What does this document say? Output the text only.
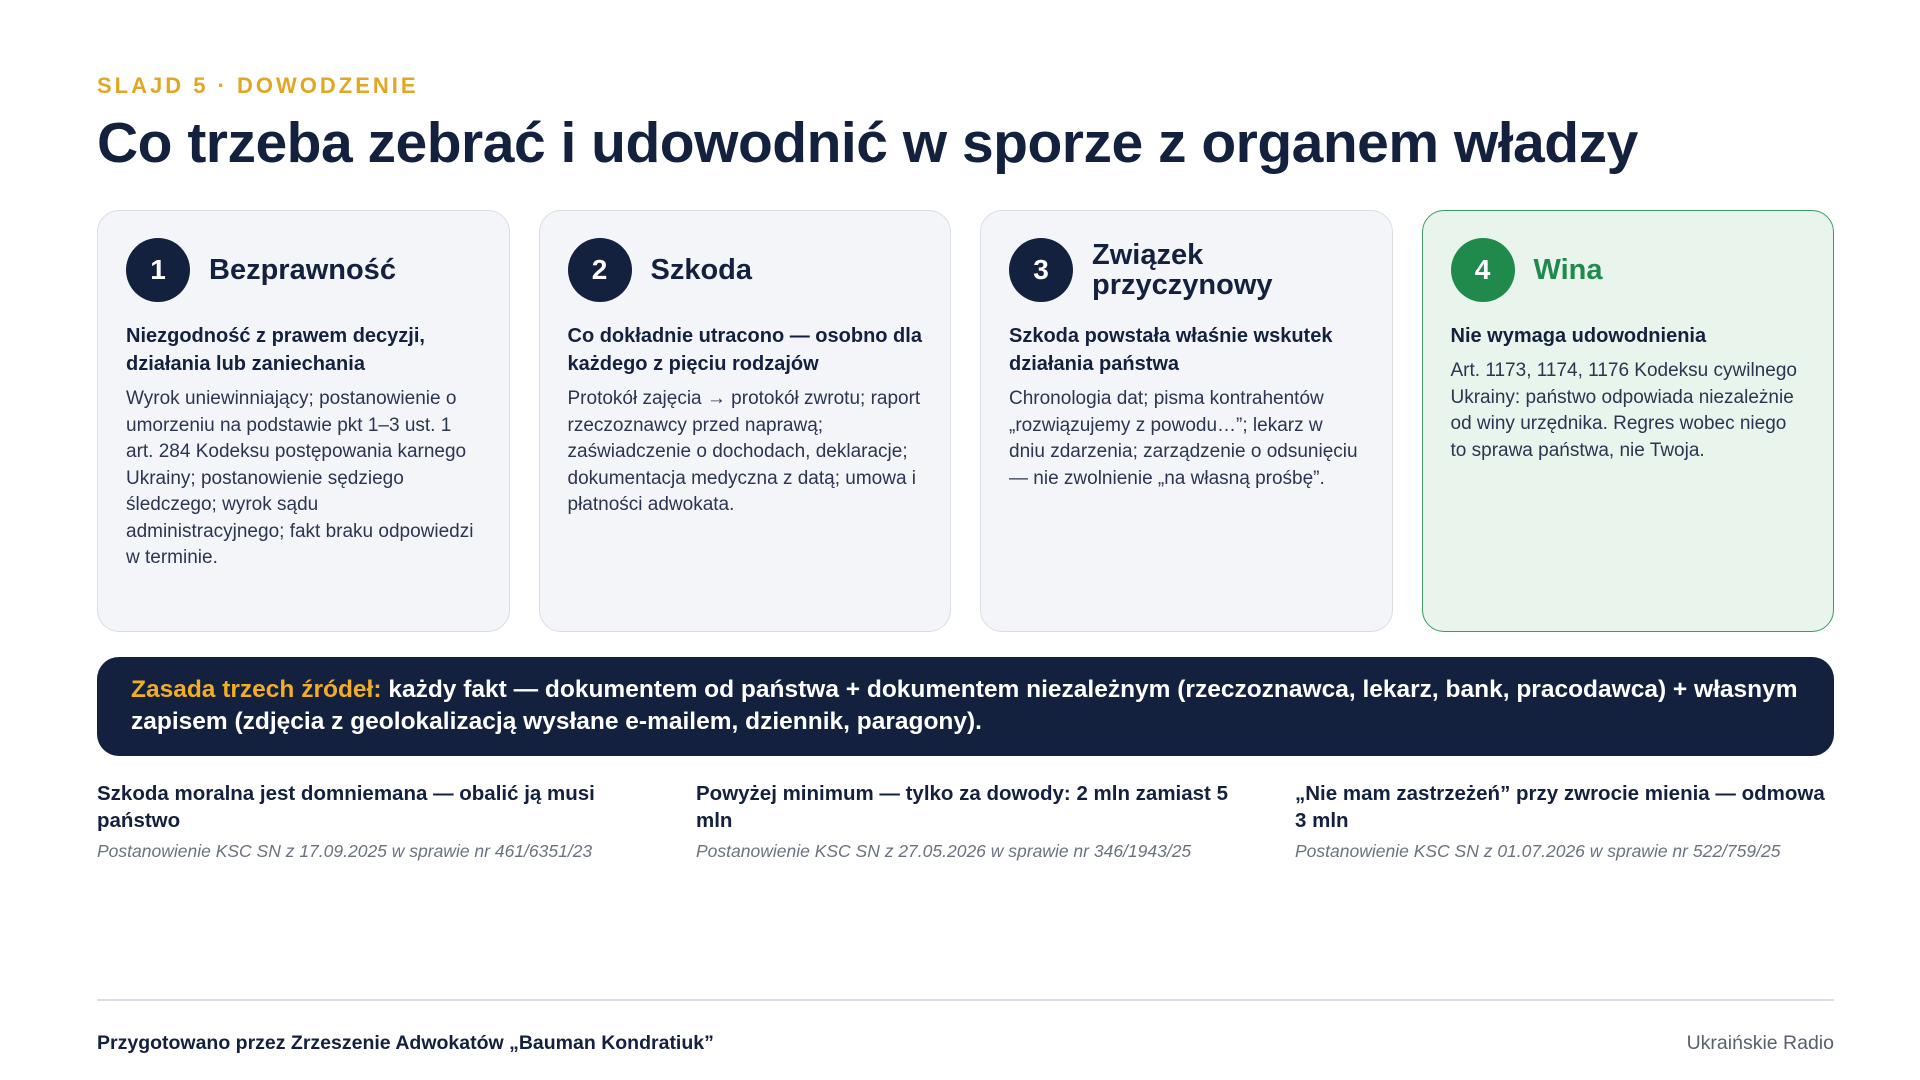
SLAJD 5 · DOWODZENIE
Co trzeba zebrać i udowodnić w sporze z organem władzy
1	Bezprawność
Niezgodność z prawem decyzji, działania lub zaniechania
Wyrok uniewinniający; postanowienie o umorzeniu na podstawie pkt 1–3 ust. 1 art. 284 Kodeksu postępowania karnego Ukrainy; postanowienie sędziego śledczego; wyrok sądu administracyjnego; fakt braku odpowiedzi w terminie.
2	Szkoda
Co dokładnie utracono — osobno dla każdego z pięciu rodzajów
Protokół zajęcia → protokół zwrotu; raport rzeczoznawcy przed naprawą; zaświadczenie o dochodach, deklaracje; dokumentacja medyczna z datą; umowa i płatności adwokata.
3	Związek przyczynowy
Szkoda powstała właśnie wskutek działania państwa
Chronologia dat; pisma kontrahentów „rozwiązujemy z powodu…”; lekarz w dniu zdarzenia; zarządzenie o odsunięciu — nie zwolnienie „na własną prośbę”.
4	Wina
Nie wymaga udowodnienia
Art. 1173, 1174, 1176 Kodeksu cywilnego Ukrainy: państwo odpowiada niezależnie od winy urzędnika. Regres wobec niego to sprawa państwa, nie Twoja.
Zasada trzech źródeł: każdy fakt — dokumentem od państwa + dokumentem niezależnym (rzeczoznawca, lekarz, bank, pracodawca) + własnym zapisem (zdjęcia z geolokalizacją wysłane e-mailem, dziennik, paragony).
Szkoda moralna jest domniemana — obalić ją musi państwo
Postanowienie KSC SN z 17.09.2025 w sprawie nr 461/6351/23
Powyżej minimum — tylko za dowody: 2 mln zamiast 5 mln
Postanowienie KSC SN z 27.05.2026 w sprawie nr 346/1943/25
„Nie mam zastrzeżeń” przy zwrocie mienia — odmowa 3 mln
Postanowienie KSC SN z 01.07.2026 w sprawie nr 522/759/25
Przygotowano przez Zrzeszenie Adwokatów „Bauman Kondratiuk”	Ukraińskie Radio
